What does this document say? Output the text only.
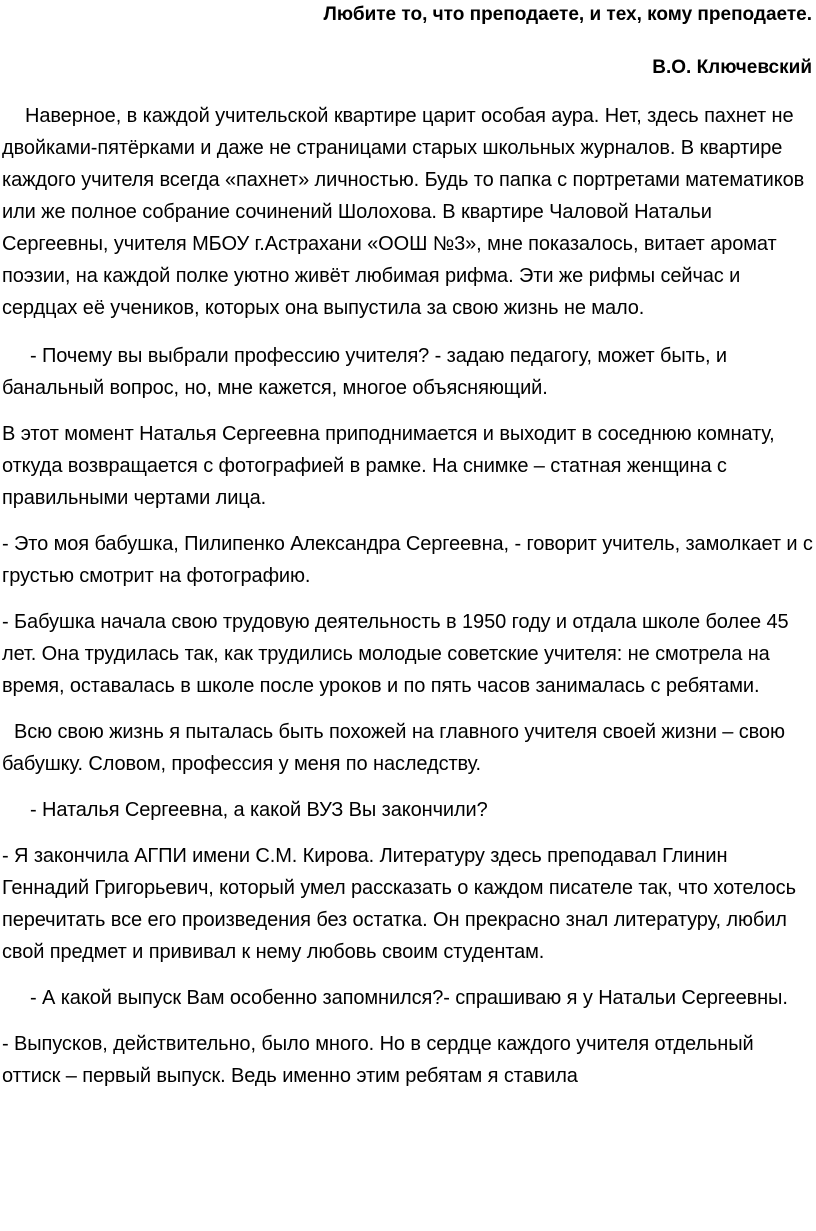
Любите то, что преподаете, и тех, кому преподаете.

В.О. Ключевский

Наверное, в каждой учительской квартире царит особая аура. Нет, здесь пахнет не двойками-пятёрками и даже не страницами старых школьных журналов. В квартире каждого учителя всегда «пахнет» личностью. Будь то папка с портретами математиков или же полное собрание сочинений Шолохова. В квартире Чаловой Натальи Сергеевны, учителя МБОУ г.Астрахани «ООШ №3», мне показалось, витает аромат поэзии, на каждой полке уютно живёт любимая рифма. Эти же рифмы сейчас и сердцах её учеников, которых она выпустила за свою жизнь не мало.

- Почему вы выбрали профессию учителя? - задаю педагогу, может быть, и банальный вопрос, но, мне кажется, многое объясняющий.

В этот момент Наталья Сергеевна приподнимается и выходит в соседнюю комнату, откуда возвращается с фотографией в рамке. На снимке – статная женщина с правильными чертами лица.

- Это моя бабушка, Пилипенко Александра Сергеевна, - говорит учитель, замолкает и с грустью смотрит на фотографию.

- Бабушка начала свою трудовую деятельность в 1950 году и отдала школе более 45 лет. Она трудилась так, как трудились молодые советские учителя: не смотрела на время, оставалась в школе после уроков и по пять часов занималась с ребятами.

Всю свою жизнь я пыталась быть похожей на главного учителя своей жизни – свою бабушку. Словом, профессия у меня по наследству.

- Наталья Сергеевна, а какой ВУЗ Вы закончили?

- Я закончила АГПИ имени С.М. Кирова. Литературу здесь преподавал Глинин Геннадий Григорьевич, который умел рассказать о каждом писателе так, что хотелось перечитать все его произведения без остатка. Он прекрасно знал литературу, любил свой предмет и прививал к нему любовь своим студентам.

- А какой выпуск Вам особенно запомнился?- спрашиваю я у Натальи Сергеевны.

- Выпусков, действительно, было много. Но в сердце каждого учителя отдельный оттиск – первый выпуск. Ведь именно этим ребятам я ставила
